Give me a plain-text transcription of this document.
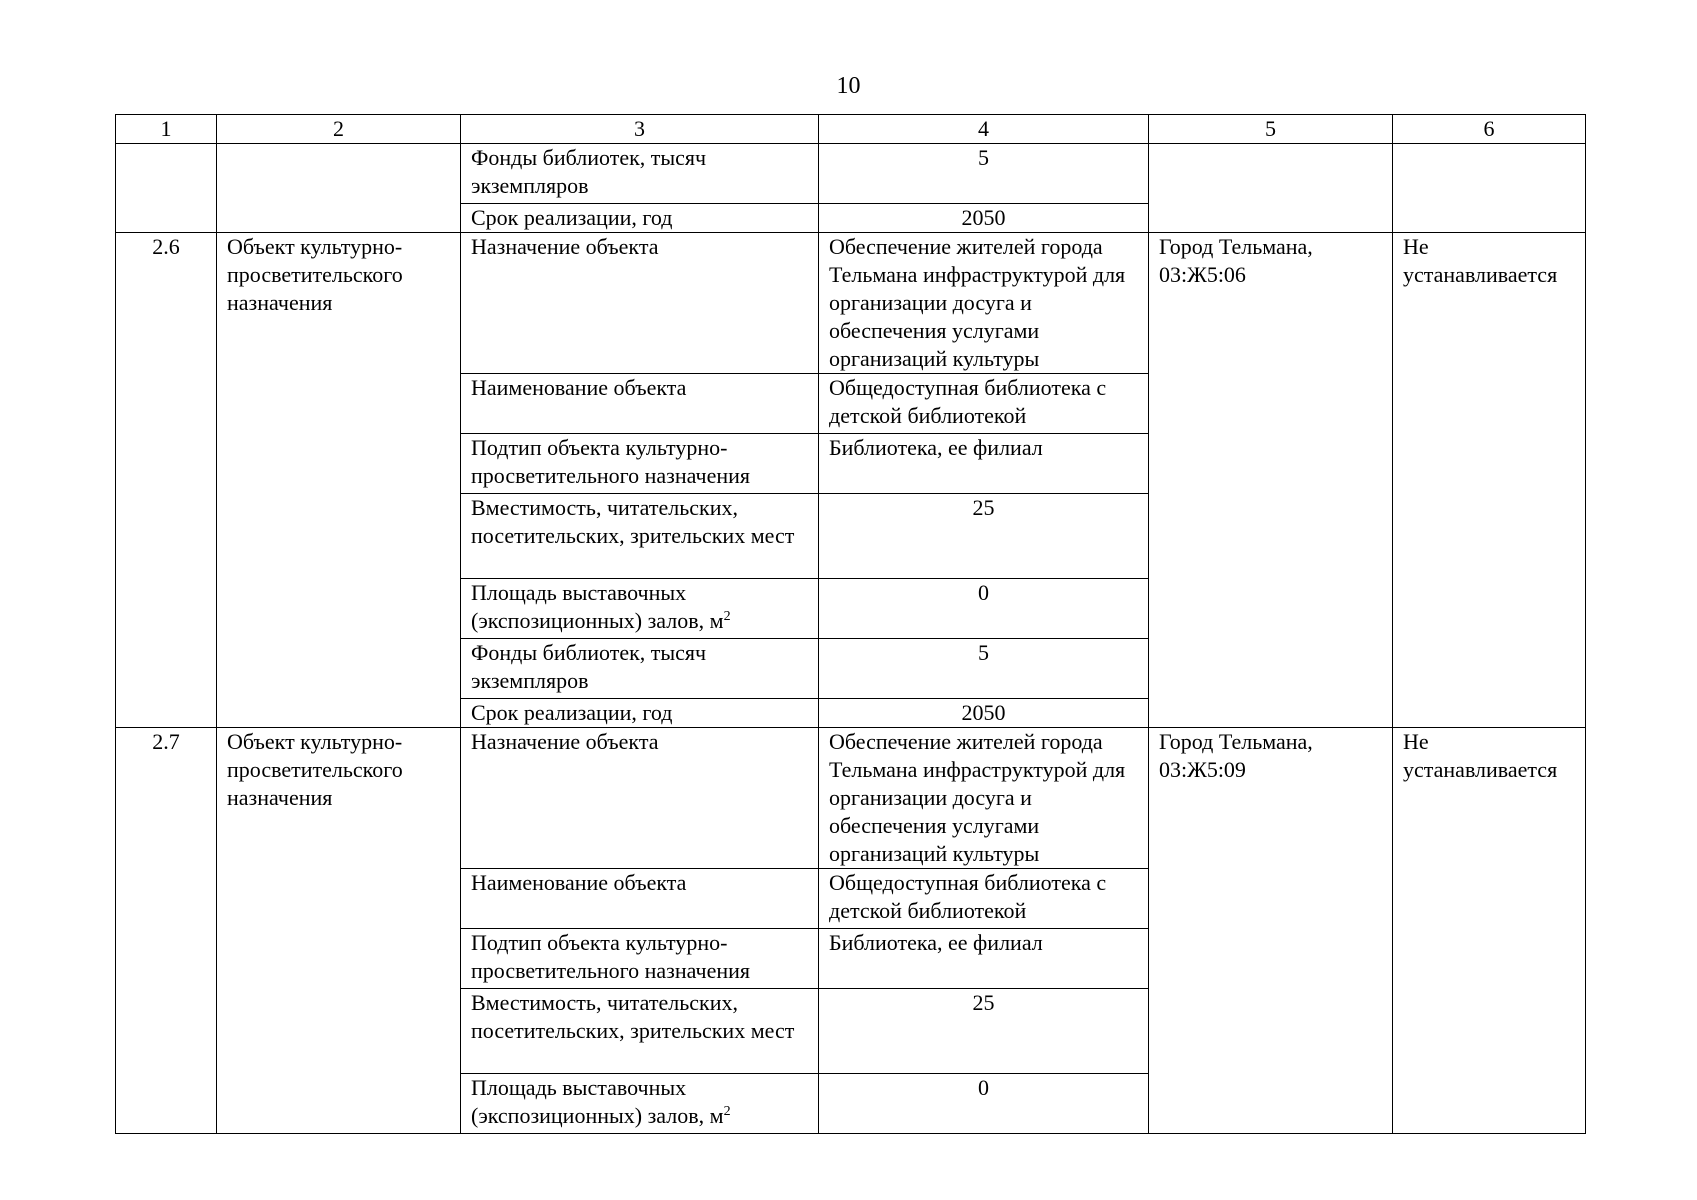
10
1	2	3	4	5	6
		Фонды библиотек, тысяч экземпляров	5		
		Срок реализации, год	2050		
2.6	Объект культурно-просветительского назначения	Назначение объекта	Обеспечение жителей города Тельмана инфраструктурой для организации досуга и обеспечения услугами организаций культуры	Город Тельмана, 03:Ж5:06	Не устанавливается
		Наименование объекта	Общедоступная библиотека с детской библиотекой		
		Подтип объекта культурно-просветительного назначения	Библиотека, ее филиал		
		Вместимость, читательских, посетительских, зрительских мест	25		
		Площадь выставочных (экспозиционных) залов, $м^2$	0		
		Фонды библиотек, тысяч экземпляров	5		
		Срок реализации, год	2050		
2.7	Объект культурно-просветительского назначения	Назначение объекта	Обеспечение жителей города Тельмана инфраструктурой для организации досуга и обеспечения услугами организаций культуры	Город Тельмана, 03:Ж5:09	Не устанавливается
		Наименование объекта	Общедоступная библиотека с детской библиотекой		
		Подтип объекта культурно-просветительного назначения	Библиотека, ее филиал		
		Вместимость, читательских, посетительских, зрительских мест	25		
		Площадь выставочных (экспозиционных) залов, $м^2$	0		
